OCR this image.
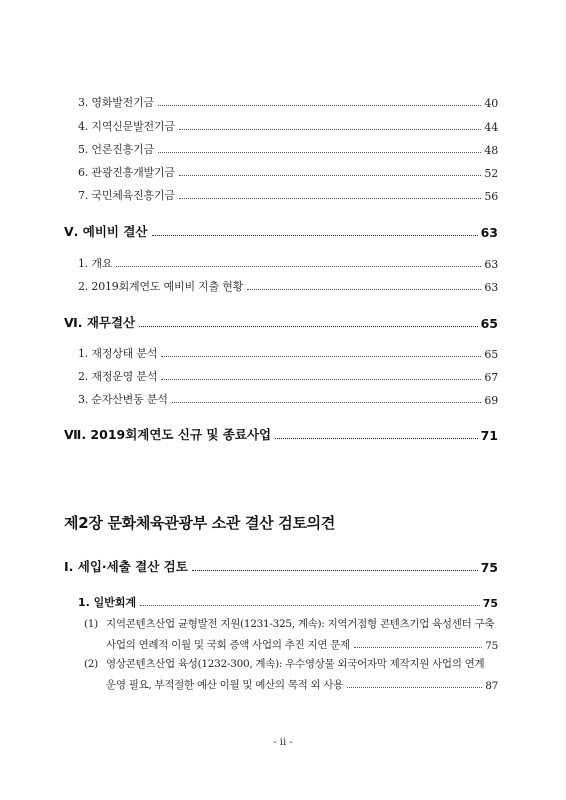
3. 영화발전기금	40
4. 지역신문발전기금	44
5. 언론진흥기금	48
6. 관광진흥개발기금	52
7. 국민체육진흥기금	56
Ⅴ. 예비비 결산	63
1. 개요	63
2. 2019회계연도 예비비 지출 현황	63
Ⅵ. 재무결산	65
1. 재정상태 분석	65
2. 재정운영 분석	67
3. 순자산변동 분석	69
Ⅶ. 2019회계연도 신규 및 종료사업	71
제2장 문화체육관광부 소관 결산 검토의견
Ⅰ. 세입·세출 결산 검토	75
1. 일반회계	75
(1) 지역콘텐츠산업 균형발전 지원(1231-325, 계속): 지역거점형 콘텐츠기업 육성센터 구축
사업의 연례적 이월 및 국회 증액 사업의 추진 지연 문제	75
(2) 영상콘텐츠산업 육성(1232-300, 계속): 우수영상물 외국어자막 제작지원 사업의 연계
운영 필요, 부적절한 예산 이월 및 예산의 목적 외 사용	87
- ii -
